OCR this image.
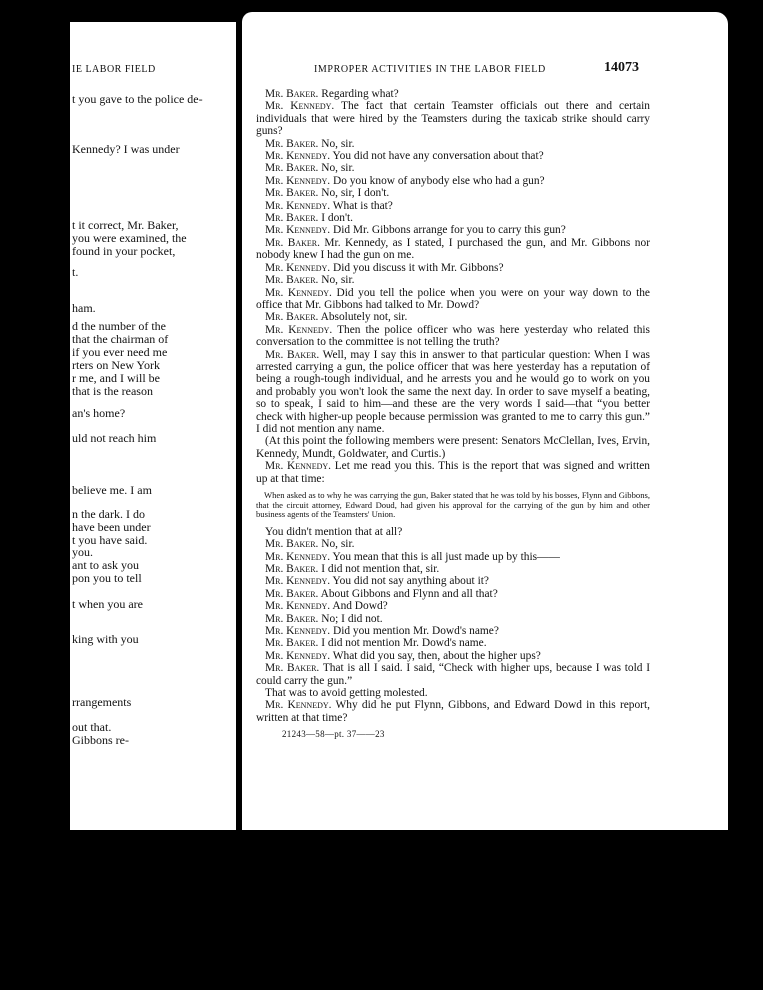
IE LABOR FIELD
t you gave to the police de-
Kennedy? I was under
t it correct, Mr. Baker,
you were examined, the
found in your pocket,
t.
ham.
d the number of the
that the chairman of
if you ever need me
rters on New York
r me, and I will be
that is the reason
an's home?
uld not reach him
believe me. I am
n the dark. I do
have been under
t you have said.
you.
ant to ask you
pon you to tell
t when you are
king with you
rrangements
out that.
Gibbons re-
IMPROPER ACTIVITIES IN THE LABOR FIELD	14073

Mr. Baker. Regarding what?

Mr. Kennedy. The fact that certain Teamster officials out there and certain individuals that were hired by the Teamsters during the taxicab strike should carry guns?

Mr. Baker. No, sir.

Mr. Kennedy. You did not have any conversation about that?

Mr. Baker. No, sir.

Mr. Kennedy. Do you know of anybody else who had a gun?

Mr. Baker. No, sir, I don't.

Mr. Kennedy. What is that?

Mr. Baker. I don't.

Mr. Kennedy. Did Mr. Gibbons arrange for you to carry this gun?

Mr. Baker. Mr. Kennedy, as I stated, I purchased the gun, and Mr. Gibbons nor nobody knew I had the gun on me.

Mr. Kennedy. Did you discuss it with Mr. Gibbons?

Mr. Baker. No, sir.

Mr. Kennedy. Did you tell the police when you were on your way down to the office that Mr. Gibbons had talked to Mr. Dowd?

Mr. Baker. Absolutely not, sir.

Mr. Kennedy. Then the police officer who was here yesterday who related this conversation to the committee is not telling the truth?

Mr. Baker. Well, may I say this in answer to that particular question: When I was arrested carrying a gun, the police officer that was here yesterday has a reputation of being a rough-tough individual, and he arrests you and he would go to work on you and probably you won't look the same the next day. In order to save myself a beating, so to speak, I said to him—and these are the very words I said—that “you better check with higher-up people because permission was granted to me to carry this gun.” I did not mention any name.

(At this point the following members were present: Senators McClellan, Ives, Ervin, Kennedy, Mundt, Goldwater, and Curtis.)

Mr. Kennedy. Let me read you this. This is the report that was signed and written up at that time:

When asked as to why he was carrying the gun, Baker stated that he was told by his bosses, Flynn and Gibbons, that the circuit attorney, Edward Doud, had given his approval for the carrying of the gun by him and other business agents of the Teamsters' Union.

You didn't mention that at all?

Mr. Baker. No, sir.

Mr. Kennedy. You mean that this is all just made up by this——

Mr. Baker. I did not mention that, sir.

Mr. Kennedy. You did not say anything about it?

Mr. Baker. About Gibbons and Flynn and all that?

Mr. Kennedy. And Dowd?

Mr. Baker. No; I did not.

Mr. Kennedy. Did you mention Mr. Dowd's name?

Mr. Baker. I did not mention Mr. Dowd's name.

Mr. Kennedy. What did you say, then, about the higher ups?

Mr. Baker. That is all I said. I said, “Check with higher ups, because I was told I could carry the gun.”

That was to avoid getting molested.

Mr. Kennedy. Why did he put Flynn, Gibbons, and Edward Dowd in this report, written at that time?

21243—58—pt. 37——23
